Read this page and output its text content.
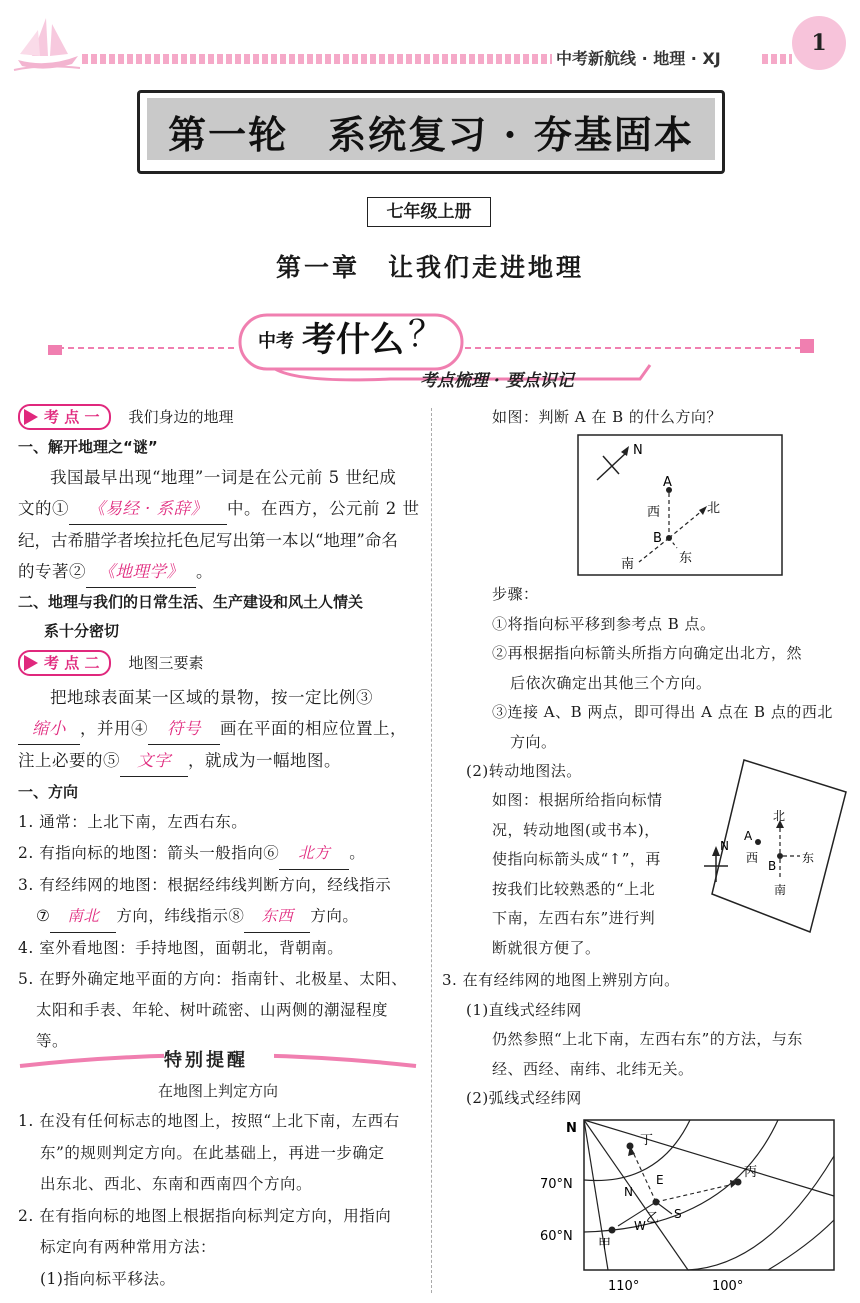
中考新航线 · 地理 · XJ
1
第一轮　系统复习 · 夯基固本
七年级上册
第一章　让我们走进地理
中考 考什么 ？
考点梳理 · 要点识记
考 点 一 我们身边的地理
一、解开地理之“谜”
我国最早出现“地理”一词是在公元前 5 世纪成
文的① 《易经 · 系辞》 中。在西方，公元前 2 世
纪，古希腊学者埃拉托色尼写出第一本以“地理”命名
的专著② 《地理学》 。
二、地理与我们的日常生活、生产建设和风土人情关
系十分密切
考 点 二 地图三要素
把地球表面某一区域的景物，按一定比例③
缩小 ，并用④ 符号 画在平面的相应位置上，
注上必要的⑤ 文字 ，就成为一幅地图。
一、方向
1. 通常：上北下南，左西右东。
2. 有指向标的地图：箭头一般指向⑥ 北方 。
3. 有经纬网的地图：根据经纬线判断方向，经线指示
⑦ 南北 方向，纬线指示⑧ 东西 方向。
4. 室外看地图：手持地图，面朝北，背朝南。
5. 在野外确定地平面的方向：指南针、北极星、太阳、
太阳和手表、年轮、树叶疏密、山两侧的潮湿程度
等。
特别提醒
在地图上判定方向
1. 在没有任何标志的地图上，按照“上北下南，左西右
东”的规则判定方向。在此基础上，再进一步确定
出东北、西北、东南和西南四个方向。
2. 在有指向标的地图上根据指向标判定方向，用指向
标定向有两种常用方法：
(1)指向标平移法。
如图：判断 A 在 B 的什么方向？
N
A
B
西	北
南	东
步骤：
①将指向标平移到参考点 B 点。
②再根据指向标箭头所指方向确定出北方，然
后依次确定出其他三个方向。
③连接 A、B 两点，即可得出 A 点在 B 点的西北
方向。
(2)转动地图法。
如图：根据所给指向标情
况，转动地图(或书本)，
使指向标箭头成“↑”，再
按我们比较熟悉的“上北
下南，左西右东”进行判
断就很方便了。
N
A
B
北
西	东
南
3. 在有经纬网的地图上辨别方向。
(1)直线式经纬网
仍然参照“上北下南，左西右东”的方法，与东
经、西经、南纬、北纬无关。
(2)弧线式经纬网
N
70°N
60°N
110°	100°
丁
丙
乙
甲
E
N
W
S
